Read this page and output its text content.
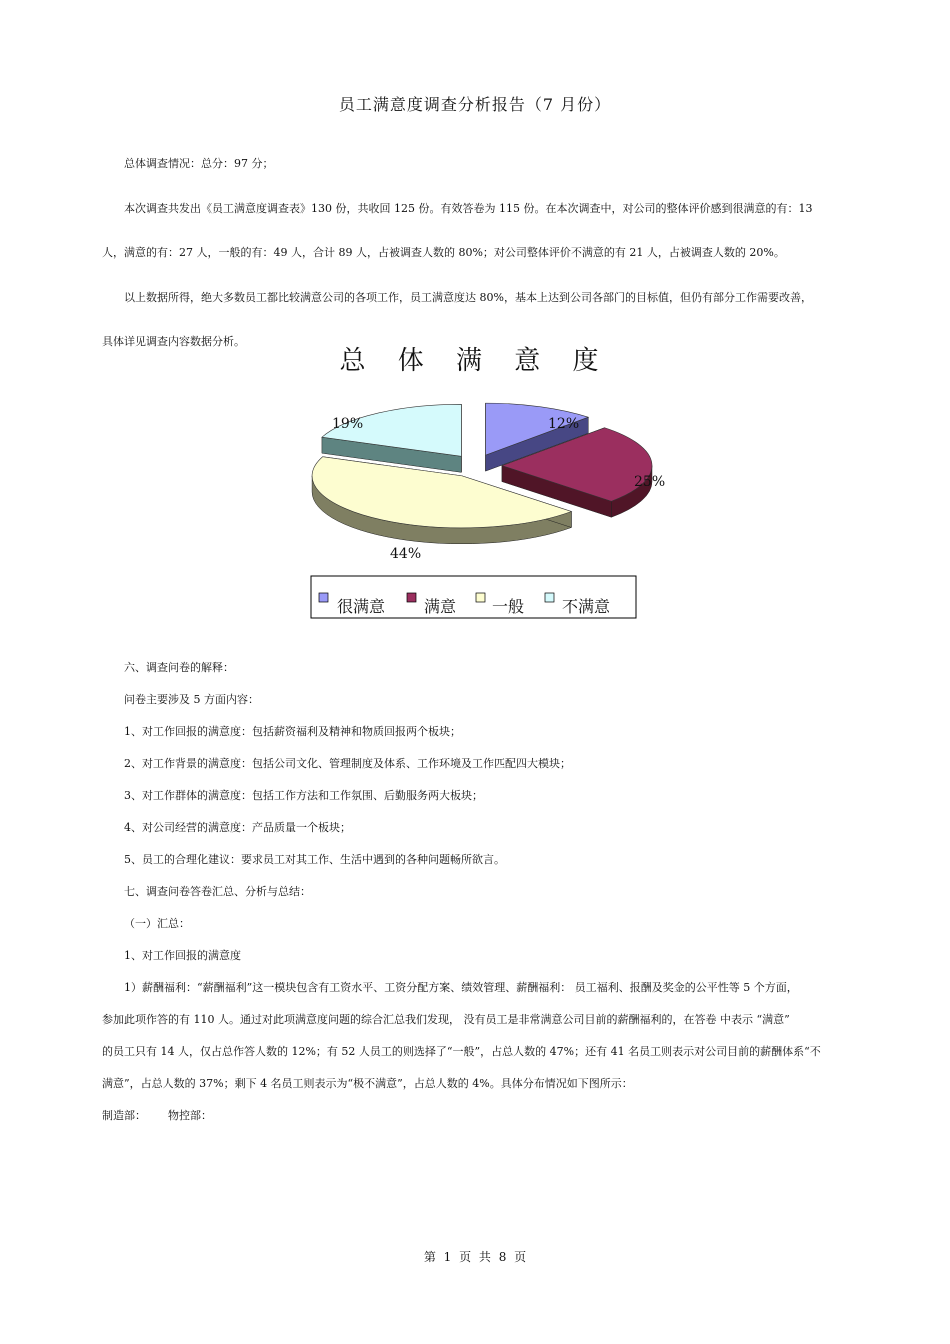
员工满意度调查分析报告（7 月份）
总体调查情况：总分：97 分；
本次调查共发出《员工满意度调查表》130 份，共收回 125 份。有效答卷为 115 份。在本次调查中，对公司的整体评价感到很满意的有：13
人，满意的有：27 人，一般的有：49 人，合计 89 人，占被调查人数的 80%；对公司整体评价不满意的有 21 人，占被调查人数的 20%。
以上数据所得，绝大多数员工都比较满意公司的各项工作，员工满意度达 80%，基本上达到公司各部门的目标值，但仍有部分工作需要改善，
具体详见调查内容数据分析。
总 体 满 意 度
12%
25%
44%
19%
很满意 满意 一般 不满意
六、调查问卷的解释：
问卷主要涉及 5 方面内容：
1、对工作回报的满意度：包括薪资福利及精神和物质回报两个板块；
2、对工作背景的满意度：包括公司文化、管理制度及体系、工作环境及工作匹配四大模块；
3、对工作群体的满意度：包括工作方法和工作氛围、后勤服务两大板块；
4、对公司经营的满意度：产品质量一个板块；
5、员工的合理化建议：要求员工对其工作、生活中遇到的各种问题畅所欲言。
七、调查问卷答卷汇总、分析与总结：
（一）汇总：
1、对工作回报的满意度
1）薪酬福利：“薪酬福利”这一模块包含有工资水平、工资分配方案、绩效管理、薪酬福利： 员工福利、报酬及奖金的公平性等 5 个方面，
参加此项作答的有 110 人。通过对此项满意度问题的综合汇总我们发现， 没有员工是非常满意公司目前的薪酬福利的，在答卷 中表示 “满意”
的员工只有 14 人，仅占总作答人数的 12%；有 52 人员工的则选择了“一般”，占总人数的 47%；还有 41 名员工则表示对公司目前的薪酬体系“不
满意”，占总人数的 37%；剩下 4 名员工则表示为“极不满意”，占总人数的 4%。具体分布情况如下图所示：
制造部： 物控部：
第 1 页 共 8 页
